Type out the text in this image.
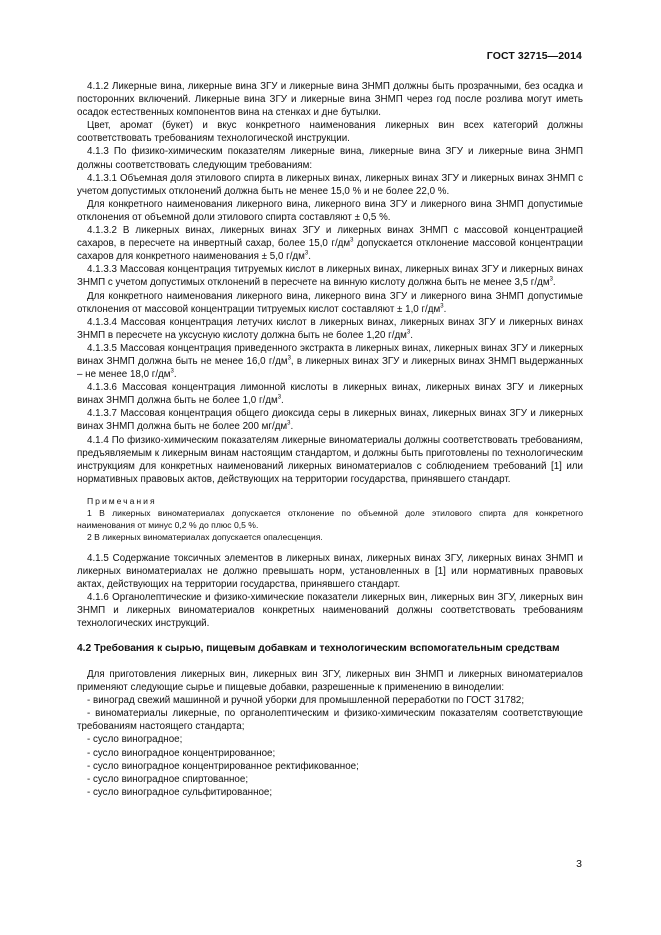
ГОСТ 32715—2014

4.1.2 Ликерные вина, ликерные вина ЗГУ и ликерные вина ЗНМП должны быть прозрачными, без осадка и посторонних включений. Ликерные вина ЗГУ и ликерные вина ЗНМП через год после розлива могут иметь осадок естественных компонентов вина на стенках и дне бутылки.

Цвет, аромат (букет) и вкус конкретного наименования ликерных вин всех категорий должны соответствовать требованиям технологической инструкции.

4.1.3 По физико-химическим показателям ликерные вина, ликерные вина ЗГУ и ликерные вина ЗНМП должны соответствовать следующим требованиям:

4.1.3.1 Объемная доля этилового спирта в ликерных винах, ликерных винах ЗГУ и ликерных винах ЗНМП с учетом допустимых отклонений должна быть не менее 15,0 % и не более 22,0 %.

Для конкретного наименования ликерного вина, ликерного вина ЗГУ и ликерного вина ЗНМП допустимые отклонения от объемной доли этилового спирта составляют ± 0,5 %.

4.1.3.2 В ликерных винах, ликерных винах ЗГУ и ликерных винах ЗНМП с массовой концентрацией сахаров, в пересчете на инвертный сахар, более 15,0 $г/дм^3$ допускается отклонение массовой концентрации сахаров для конкретного наименования ± 5,0 $г/дм^3$.

4.1.3.3 Массовая концентрация титруемых кислот в ликерных винах, ликерных винах ЗГУ и ликерных винах ЗНМП с учетом допустимых отклонений в пересчете на винную кислоту должна быть не менее 3,5 $г/дм^3$.

Для конкретного наименования ликерного вина, ликерного вина ЗГУ и ликерного вина ЗНМП допустимые отклонения от массовой концентрации титруемых кислот составляют ± 1,0 $г/дм^3$.

4.1.3.4 Массовая концентрация летучих кислот в ликерных винах, ликерных винах ЗГУ и ликерных винах ЗНМП в пересчете на уксусную кислоту должна быть не более 1,20 $г/дм^3$.

4.1.3.5 Массовая концентрация приведенного экстракта в ликерных винах, ликерных винах ЗГУ и ликерных винах ЗНМП должна быть не менее 16,0 $г/дм^3$, в ликерных винах ЗГУ и ликерных винах ЗНМП выдержанных – не менее 18,0 $г/дм^3$.

4.1.3.6 Массовая концентрация лимонной кислоты в ликерных винах, ликерных винах ЗГУ и ликерных винах ЗНМП должна быть не более 1,0 $г/дм^3$.

4.1.3.7 Массовая концентрация общего диоксида серы в ликерных винах, ликерных винах ЗГУ и ликерных винах ЗНМП должна быть не более 200 $мг/дм^3$.

4.1.4 По физико-химическим показателям ликерные виноматериалы должны соответствовать требованиям, предъявляемым к ликерным винам настоящим стандартом, и должны быть приготовлены по технологическим инструкциям для конкретных наименований ликерных виноматериалов с соблюдением требований [1] или нормативных правовых актов, действующих на территории государства, принявшего стандарт.

Примечания

1 В ликерных виноматериалах допускается отклонение по объемной доле этилового спирта для конкретного наименования от минус 0,2 % до плюс 0,5 %.

2 В ликерных виноматериалах допускается опалесценция.

4.1.5 Содержание токсичных элементов в ликерных винах, ликерных винах ЗГУ, ликерных винах ЗНМП и ликерных виноматериалах не должно превышать норм, установленных в [1] или нормативных правовых актах, действующих на территории государства, принявшего стандарт.

4.1.6 Органолептические и физико-химические показатели ликерных вин, ликерных вин ЗГУ, ликерных вин ЗНМП и ликерных виноматериалов конкретных наименований должны соответствовать требованиям технологических инструкций.

4.2 Требования к сырью, пищевым добавкам и технологическим вспомогательным средствам

Для приготовления ликерных вин, ликерных вин ЗГУ, ликерных вин ЗНМП и ликерных виноматериалов применяют следующие сырье и пищевые добавки, разрешенные к применению в виноделии:

- виноград свежий машинной и ручной уборки для промышленной переработки по ГОСТ 31782;

- виноматериалы ликерные, по органолептическим и физико-химическим показателям соответствующие требованиям настоящего стандарта;

- сусло виноградное;

- сусло виноградное концентрированное;

- сусло виноградное концентрированное ректификованное;

- сусло виноградное спиртованное;

- сусло виноградное сульфитированное;

3
